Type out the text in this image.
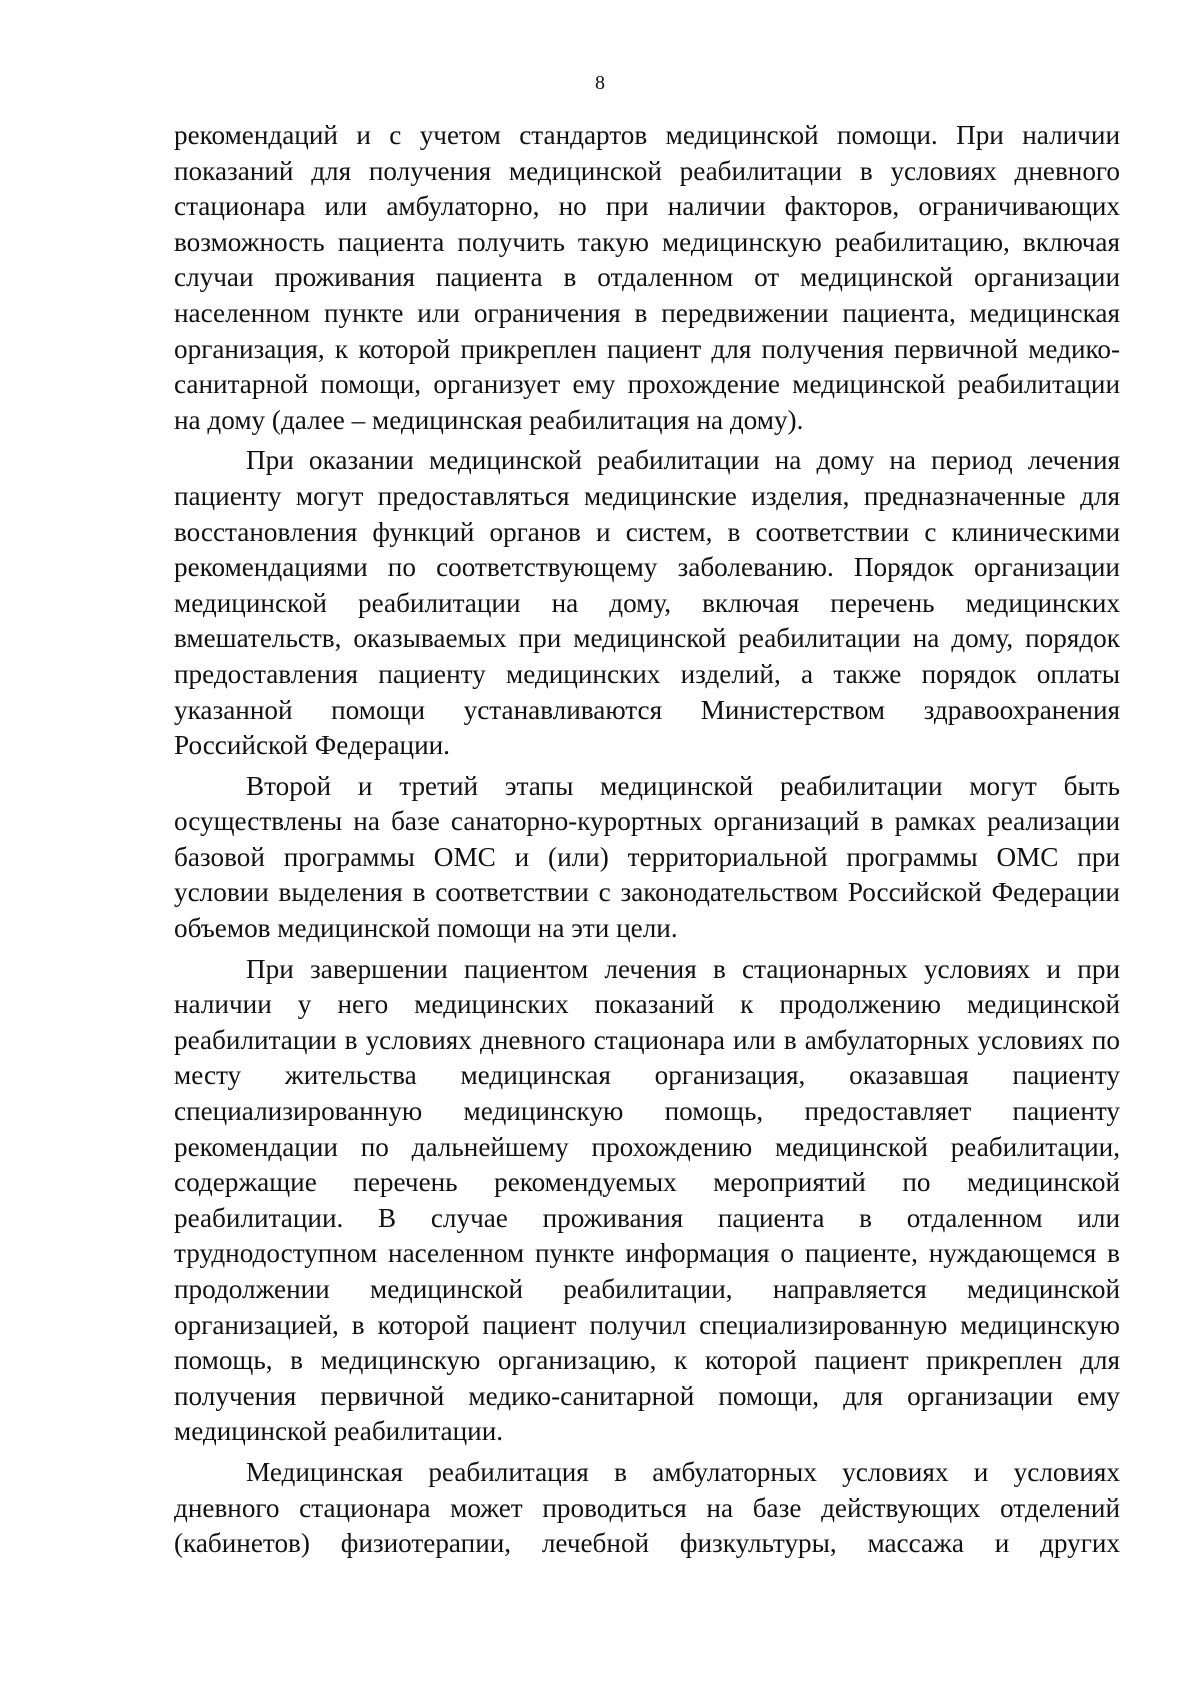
8

рекомендаций и с учетом стандартов медицинской помощи. При наличии показаний для получения медицинской реабилитации в условиях дневного стационара или амбулаторно, но при наличии факторов, ограничивающих возможность пациента получить такую медицинскую реабилитацию, включая случаи проживания пациента в отдаленном от медицинской организации населенном пункте или ограничения в передвижении пациента, медицинская организация, к которой прикреплен пациент для получения первичной медико-санитарной помощи, организует ему прохождение медицинской реабилитации на дому (далее – медицинская реабилитация на дому).

При оказании медицинской реабилитации на дому на период лечения пациенту могут предоставляться медицинские изделия, предназначенные для восстановления функций органов и систем, в соответствии с клиническими рекомендациями по соответствующему заболеванию. Порядок организации медицинской реабилитации на дому, включая перечень медицинских вмешательств, оказываемых при медицинской реабилитации на дому, порядок предоставления пациенту медицинских изделий, а также порядок оплаты указанной помощи устанавливаются Министерством здравоохранения Российской Федерации.

Второй и третий этапы медицинской реабилитации могут быть осуществлены на базе санаторно-курортных организаций в рамках реализации базовой программы ОМС и (или) территориальной программы ОМС при условии выделения в соответствии с законодательством Российской Федерации объемов медицинской помощи на эти цели.

При завершении пациентом лечения в стационарных условиях и при наличии у него медицинских показаний к продолжению медицинской реабилитации в условиях дневного стационара или в амбулаторных условиях по месту жительства медицинская организация, оказавшая пациенту специализированную медицинскую помощь, предоставляет пациенту рекомендации по дальнейшему прохождению медицинской реабилитации, содержащие перечень рекомендуемых мероприятий по медицинской реабилитации. В случае проживания пациента в отдаленном или труднодоступном населенном пункте информация о пациенте, нуждающемся в продолжении медицинской реабилитации, направляется медицинской организацией, в которой пациент получил специализированную медицинскую помощь, в медицинскую организацию, к которой пациент прикреплен для получения первичной медико-санитарной помощи, для организации ему медицинской реабилитации.

Медицинская реабилитация в амбулаторных условиях и условиях дневного стационара может проводиться на базе действующих отделений (кабинетов) физиотерапии, лечебной физкультуры, массажа и других
